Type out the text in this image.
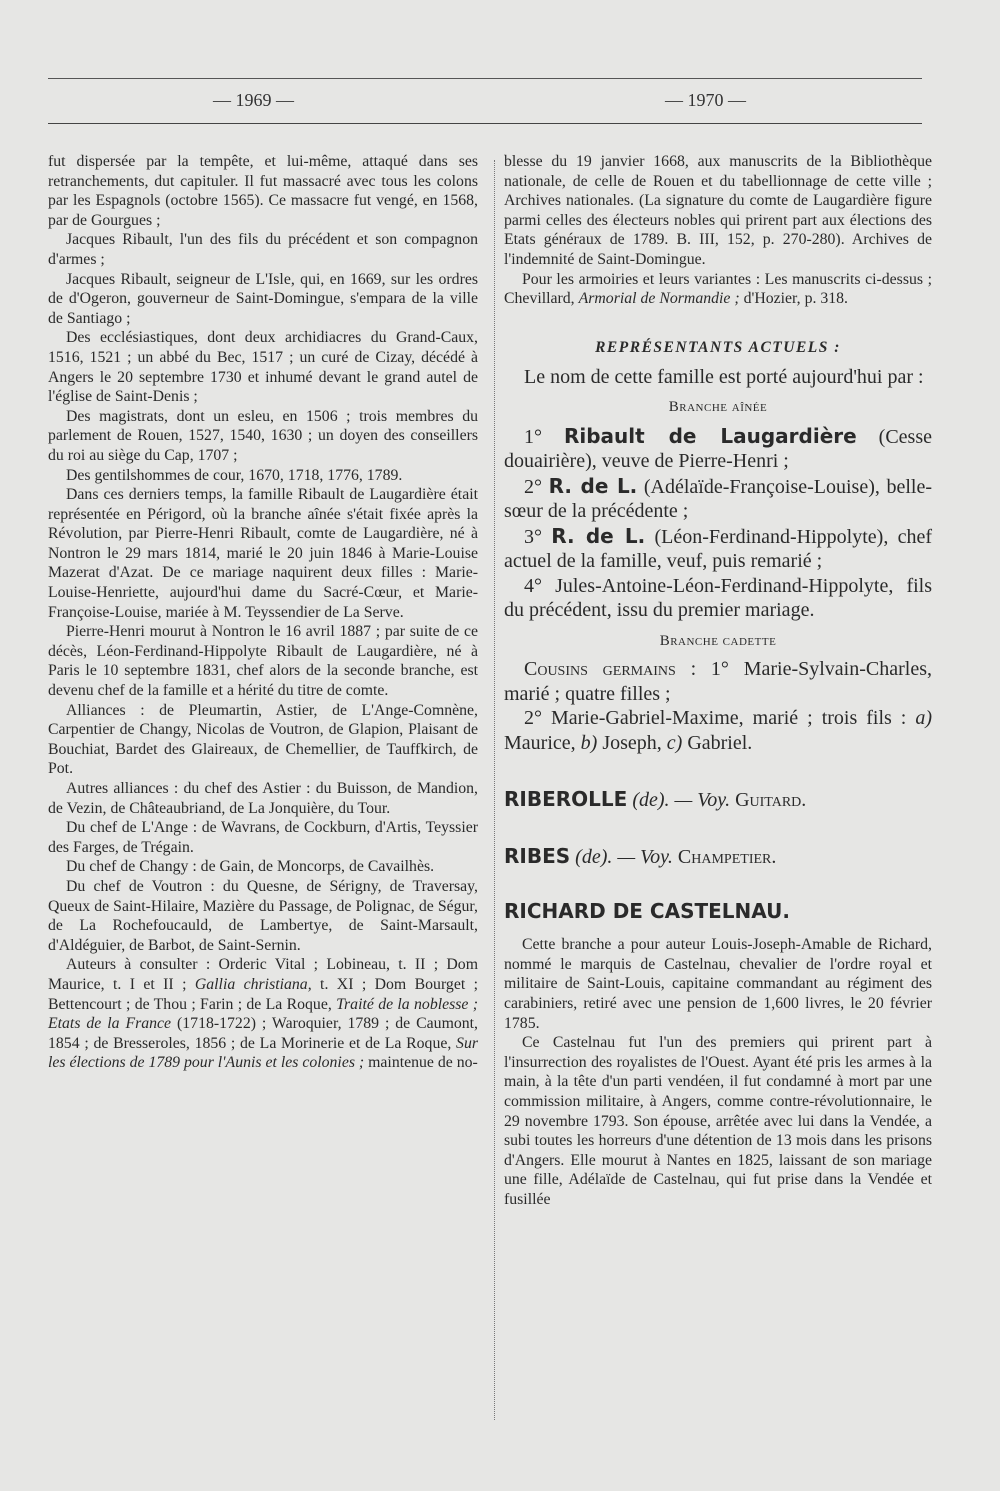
— 1969 —	— 1970 —

fut dispersée par la tempête, et lui-même, attaqué dans ses retranchements, dut capituler. Il fut massacré avec tous les colons par les Espagnols (octobre 1565). Ce massacre fut vengé, en 1568, par de Gourgues ;

Jacques Ribault, l'un des fils du précédent et son compagnon d'armes ;

Jacques Ribault, seigneur de L'Isle, qui, en 1669, sur les ordres de d'Ogeron, gouverneur de Saint-Domingue, s'empara de la ville de Santiago ;

Des ecclésiastiques, dont deux archidiacres du Grand-Caux, 1516, 1521 ; un abbé du Bec, 1517 ; un curé de Cizay, décédé à Angers le 20 septembre 1730 et inhumé devant le grand autel de l'église de Saint-Denis ;

Des magistrats, dont un esleu, en 1506 ; trois membres du parlement de Rouen, 1527, 1540, 1630 ; un doyen des conseillers du roi au siège du Cap, 1707 ;

Des gentilshommes de cour, 1670, 1718, 1776, 1789.

Dans ces derniers temps, la famille Ribault de Laugardière était représentée en Périgord, où la branche aînée s'était fixée après la Révolution, par Pierre-Henri Ribault, comte de Laugardière, né à Nontron le 29 mars 1814, marié le 20 juin 1846 à Marie-Louise Mazerat d'Azat. De ce mariage naquirent deux filles : Marie-Louise-Henriette, aujourd'hui dame du Sacré-Cœur, et Marie-Françoise-Louise, mariée à M. Teyssendier de La Serve.

Pierre-Henri mourut à Nontron le 16 avril 1887 ; par suite de ce décès, Léon-Ferdinand-Hippolyte Ribault de Laugardière, né à Paris le 10 septembre 1831, chef alors de la seconde branche, est devenu chef de la famille et a hérité du titre de comte.

Alliances : de Pleumartin, Astier, de L'Ange-Comnène, Carpentier de Changy, Nicolas de Voutron, de Glapion, Plaisant de Bouchiat, Bardet des Glaireaux, de Chemellier, de Tauffkirch, de Pot.

Autres alliances : du chef des Astier : du Buisson, de Mandion, de Vezin, de Châteaubriand, de La Jonquière, du Tour.

Du chef de L'Ange : de Wavrans, de Cockburn, d'Artis, Teyssier des Farges, de Trégain.

Du chef de Changy : de Gain, de Moncorps, de Cavailhès.

Du chef de Voutron : du Quesne, de Sérigny, de Traversay, Queux de Saint-Hilaire, Mazière du Passage, de Polignac, de Ségur, de La Rochefoucauld, de Lambertye, de Saint-Marsault, d'Aldéguier, de Barbot, de Saint-Sernin.

Auteurs à consulter : Orderic Vital ; Lobineau, t. II ; Dom Maurice, t. I et II ; Gallia christiana, t. XI ; Dom Bourget ; Bettencourt ; de Thou ; Farin ; de La Roque, Traité de la noblesse ; Etats de la France (1718-1722) ; Waroquier, 1789 ; de Caumont, 1854 ; de Bresseroles, 1856 ; de La Morinerie et de La Roque, Sur les élections de 1789 pour l'Aunis et les colonies ; maintenue de no-

blesse du 19 janvier 1668, aux manuscrits de la Bibliothèque nationale, de celle de Rouen et du tabellionnage de cette ville ; Archives nationales. (La signature du comte de Laugardière figure parmi celles des électeurs nobles qui prirent part aux élections des Etats généraux de 1789. B. III, 152, p. 270-280). Archives de l'indemnité de Saint-Domingue.

Pour les armoiries et leurs variantes : Les manuscrits ci-dessus ; Chevillard, Armorial de Normandie ; d'Hozier, p. 318.

REPRÉSENTANTS ACTUELS :

Le nom de cette famille est porté aujourd'hui par :

Branche aînée

1° Ribault de Laugardière (Cesse douairière), veuve de Pierre-Henri ;

2° R. de L. (Adélaïde-Françoise-Louise), belle-sœur de la précédente ;

3° R. de L. (Léon-Ferdinand-Hippolyte), chef actuel de la famille, veuf, puis remarié ;

4° Jules-Antoine-Léon-Ferdinand-Hippolyte, fils du précédent, issu du premier mariage.

Branche cadette

Cousins germains : 1° Marie-Sylvain-Charles, marié ; quatre filles ;

2° Marie-Gabriel-Maxime, marié ; trois fils : a) Maurice, b) Joseph, c) Gabriel.

RIBEROLLE (de). — Voy. Guitard.
RIBES (de). — Voy. Champetier.
RICHARD DE CASTELNAU.

Cette branche a pour auteur Louis-Joseph-Amable de Richard, nommé le marquis de Castelnau, chevalier de l'ordre royal et militaire de Saint-Louis, capitaine commandant au régiment des carabiniers, retiré avec une pension de 1,600 livres, le 20 février 1785.

Ce Castelnau fut l'un des premiers qui prirent part à l'insurrection des royalistes de l'Ouest. Ayant été pris les armes à la main, à la tête d'un parti vendéen, il fut condamné à mort par une commission militaire, à Angers, comme contre-révolutionnaire, le 29 novembre 1793. Son épouse, arrêtée avec lui dans la Vendée, a subi toutes les horreurs d'une détention de 13 mois dans les prisons d'Angers. Elle mourut à Nantes en 1825, laissant de son mariage une fille, Adélaïde de Castelnau, qui fut prise dans la Vendée et fusillée
